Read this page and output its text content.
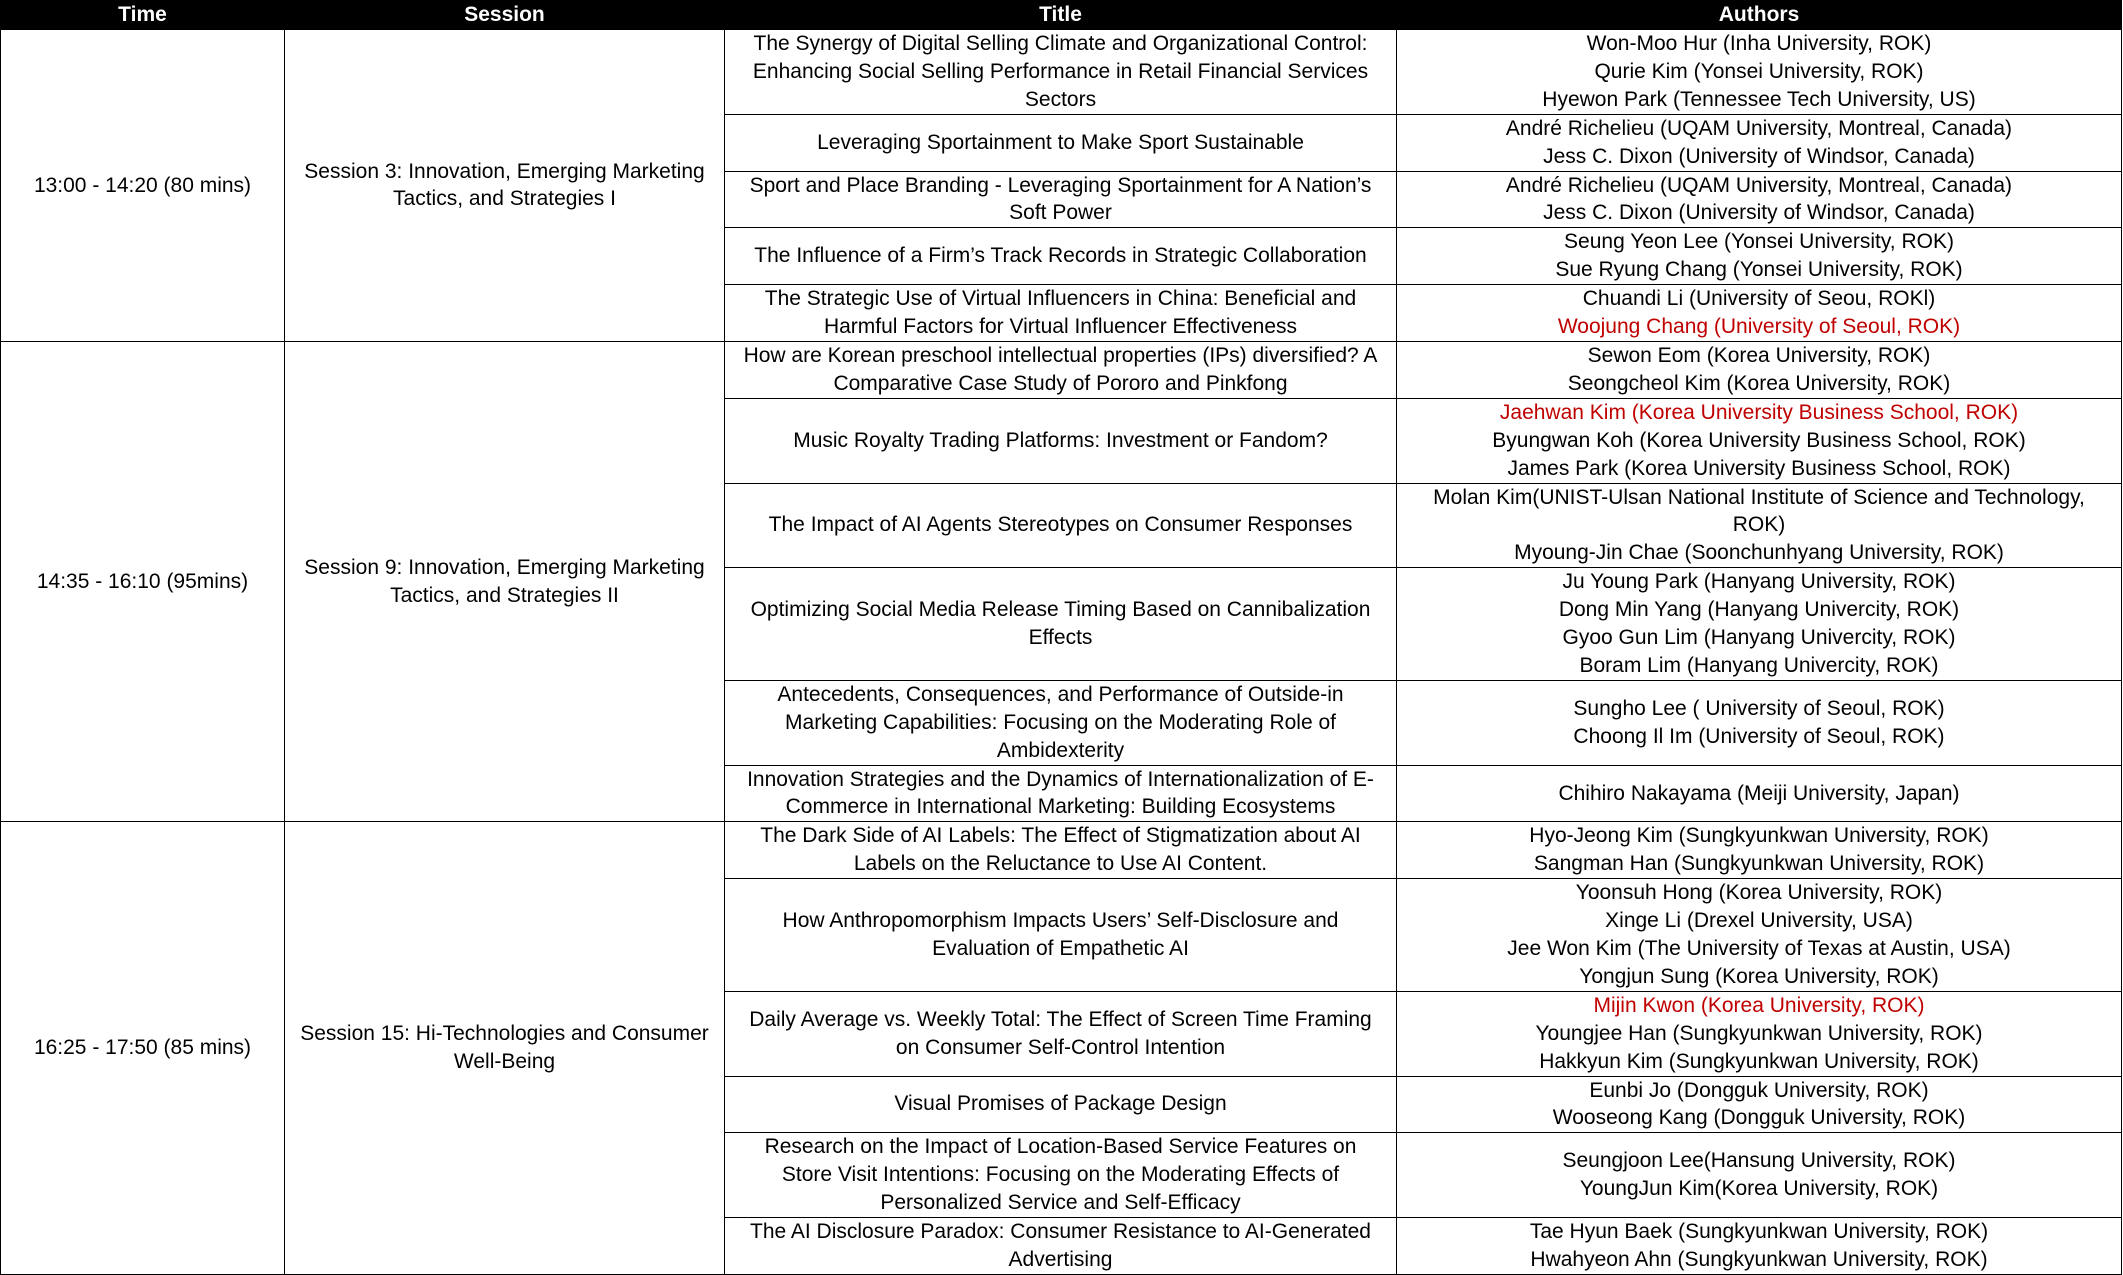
Time	Session	Title	Authors
13:00 - 14:20 (80 mins)	Session 3: Innovation, Emerging Marketing Tactics, and Strategies I	The Synergy of Digital Selling Climate and Organizational Control: Enhancing Social Selling Performance in Retail Financial Services Sectors	Won-Moo Hur (Inha University, ROK)
Qurie Kim (Yonsei University, ROK)
Hyewon Park (Tennessee Tech University, US)

		Leveraging Sportainment to Make Sport Sustainable	André Richelieu (UQAM University, Montreal, Canada)
Jess C. Dixon (University of Windsor, Canada)

		Sport and Place Branding - Leveraging Sportainment for A Nation’s Soft Power	André Richelieu (UQAM University, Montreal, Canada)
Jess C. Dixon (University of Windsor, Canada)

		The Influence of a Firm’s Track Records in Strategic Collaboration	Seung Yeon Lee (Yonsei University, ROK)
Sue Ryung Chang (Yonsei University, ROK)

		The Strategic Use of Virtual Influencers in China: Beneficial and Harmful Factors for Virtual Influencer Effectiveness	Chuandi Li (University of Seou, ROKl)
Woojung Chang (University of Seoul, ROK)

14:35 - 16:10 (95mins)	Session 9: Innovation, Emerging Marketing Tactics, and Strategies II	How are Korean preschool intellectual properties (IPs) diversified? A Comparative Case Study of Pororo and Pinkfong	Sewon Eom (Korea University, ROK)
Seongcheol Kim (Korea University, ROK)

		Music Royalty Trading Platforms: Investment or Fandom?	Jaehwan Kim (Korea University Business School, ROK)
Byungwan Koh (Korea University Business School, ROK)
James Park (Korea University Business School, ROK)

		The Impact of AI Agents Stereotypes on Consumer Responses	Molan Kim(UNIST-Ulsan National Institute of Science and Technology, ROK)
Myoung-Jin Chae (Soonchunhyang University, ROK)

		Optimizing Social Media Release Timing Based on Cannibalization Effects	Ju Young Park (Hanyang University, ROK)
Dong Min Yang (Hanyang Univercity, ROK)
Gyoo Gun Lim (Hanyang Univercity, ROK)
Boram Lim (Hanyang Univercity, ROK)

		Antecedents, Consequences, and Performance of Outside-in Marketing Capabilities: Focusing on the Moderating Role of Ambidexterity	Sungho Lee ( University of Seoul, ROK)
Choong Il Im (University of Seoul, ROK)

		Innovation Strategies and the Dynamics of Internationalization of E-Commerce in International Marketing: Building Ecosystems	Chihiro Nakayama (Meiji University, Japan)

16:25 - 17:50 (85 mins)	Session 15: Hi-Technologies and Consumer Well-Being	The Dark Side of AI Labels: The Effect of Stigmatization about AI Labels on the Reluctance to Use AI Content.	Hyo-Jeong Kim (Sungkyunkwan University, ROK)
Sangman Han (Sungkyunkwan University, ROK)

		How Anthropomorphism Impacts Users’ Self-Disclosure and Evaluation of Empathetic AI	Yoonsuh Hong (Korea University, ROK)
Xinge Li (Drexel University, USA)
Jee Won Kim (The University of Texas at Austin, USA)
Yongjun Sung (Korea University, ROK)

		Daily Average vs. Weekly Total: The Effect of Screen Time Framing on Consumer Self-Control Intention	Mijin Kwon (Korea University, ROK)
Youngjee Han (Sungkyunkwan University, ROK)
Hakkyun Kim (Sungkyunkwan University, ROK)

		Visual Promises of Package Design	Eunbi Jo (Dongguk University, ROK)
Wooseong Kang (Dongguk University, ROK)

		Research on the Impact of Location-Based Service Features on Store Visit Intentions: Focusing on the Moderating Effects of Personalized Service and Self-Efficacy	Seungjoon Lee(Hansung University, ROK)
YoungJun Kim(Korea University, ROK)

		The AI Disclosure Paradox: Consumer Resistance to AI-Generated Advertising	Tae Hyun Baek (Sungkyunkwan University, ROK)
Hwahyeon Ahn (Sungkyunkwan University, ROK)
